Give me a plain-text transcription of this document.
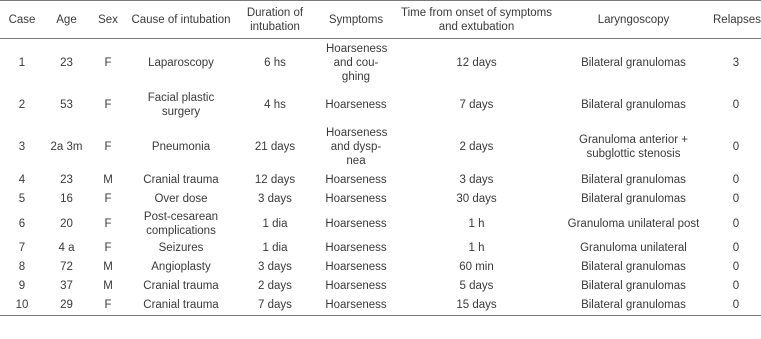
Case	Age	Sex	Cause of intubation	Duration of intubation	Symptoms	Time from onset of symptoms and extubation	Laryngoscopy	Relapses
1	23	F	Laparoscopy	6 hs	Hoarseness and cou-ghing	12 days	Bilateral granulomas	3
2	53	F	Facial plastic surgery	4 hs	Hoarseness	7 days	Bilateral granulomas	0
3	2a 3m	F	Pneumonia	21 days	Hoarseness and dysp-nea	2 days	Granuloma anterior + subglottic stenosis	0
4	23	M	Cranial trauma	12 days	Hoarseness	3 days	Bilateral granulomas	0
5	16	F	Over dose	3 days	Hoarseness	30 days	Bilateral granulomas	0
6	20	F	Post-cesarean complications	1 dia	Hoarseness	1 h	Granuloma unilateral post	0
7	4 a	F	Seizures	1 dia	Hoarseness	1 h	Granuloma unilateral	0
8	72	M	Angioplasty	3 days	Hoarseness	60 min	Bilateral granulomas	0
9	37	M	Cranial trauma	2 days	Hoarseness	5 days	Bilateral granulomas	0
10	29	F	Cranial trauma	7 days	Hoarseness	15 days	Bilateral granulomas	0
